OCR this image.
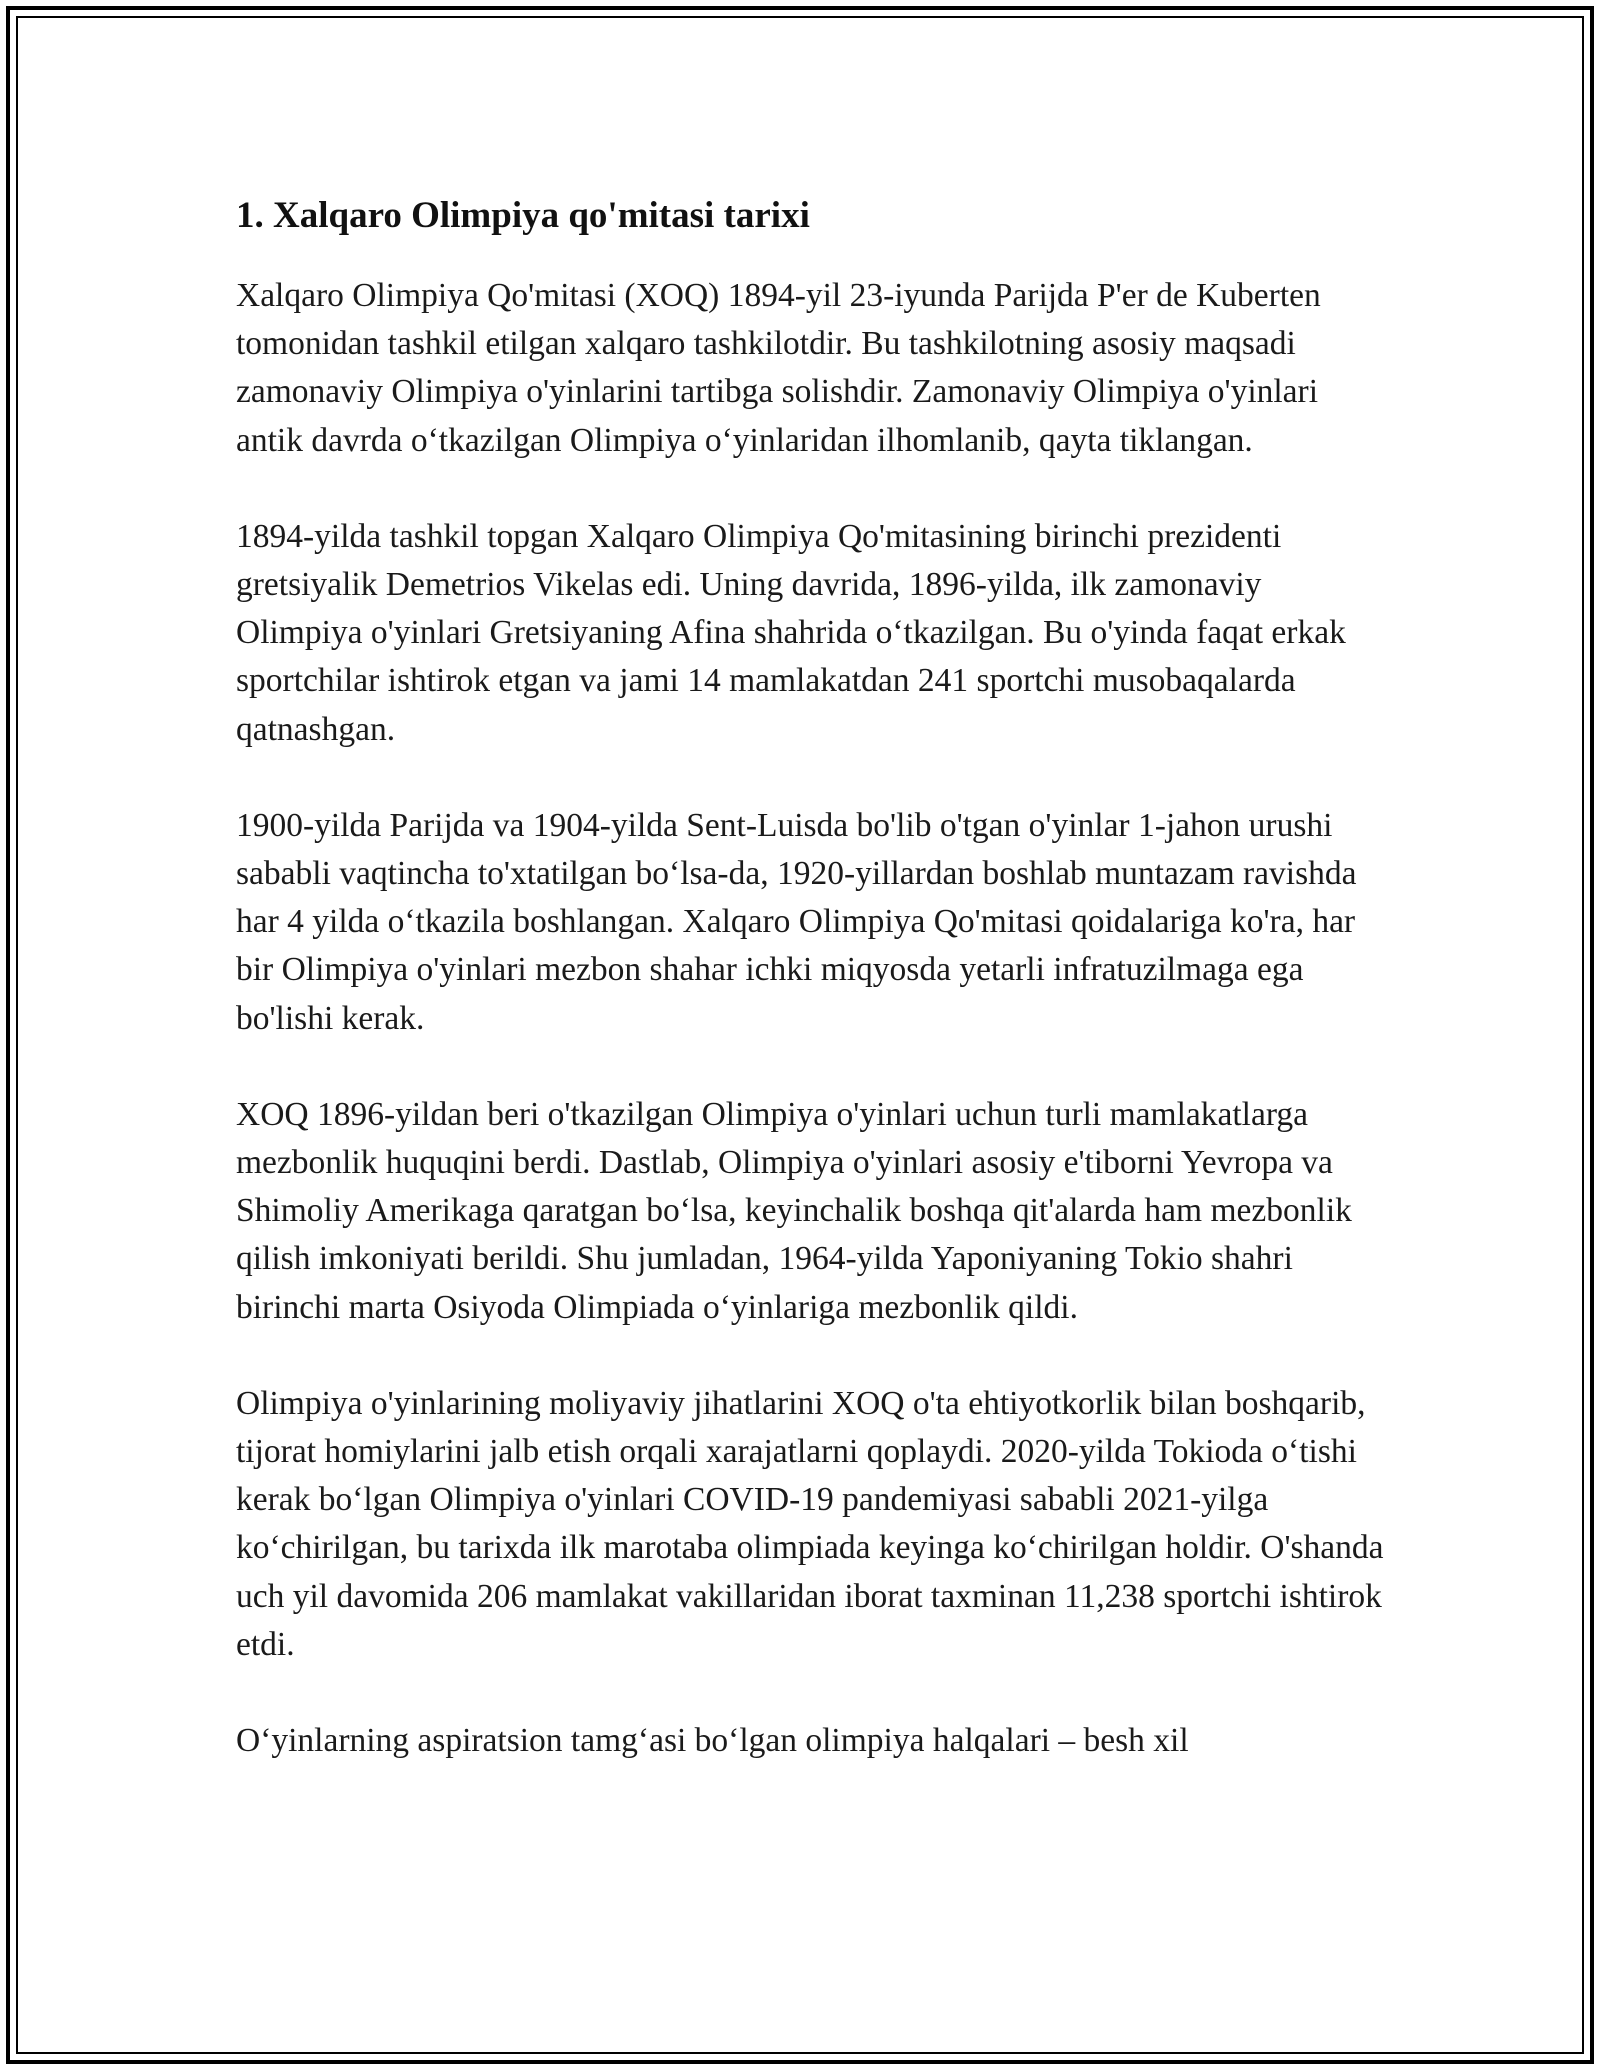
1. Xalqaro Olimpiya qo'mitasi tarixi

Xalqaro Olimpiya Qo'mitasi (XOQ) 1894-yil 23-iyunda Parijda P'er de Kuberten tomonidan tashkil etilgan xalqaro tashkilotdir. Bu tashkilotning asosiy maqsadi zamonaviy Olimpiya o'yinlarini tartibga solishdir. Zamonaviy Olimpiya o'yinlari antik davrda o‘tkazilgan Olimpiya o‘yinlaridan ilhomlanib, qayta tiklangan.

1894-yilda tashkil topgan Xalqaro Olimpiya Qo'mitasining birinchi prezidenti gretsiyalik Demetrios Vikelas edi. Uning davrida, 1896-yilda, ilk zamonaviy Olimpiya o'yinlari Gretsiyaning Afina shahrida o‘tkazilgan. Bu o'yinda faqat erkak sportchilar ishtirok etgan va jami 14 mamlakatdan 241 sportchi musobaqalarda qatnashgan.

1900-yilda Parijda va 1904-yilda Sent-Luisda bo'lib o'tgan o'yinlar 1-jahon urushi sababli vaqtincha to'xtatilgan bo‘lsa-da, 1920-yillardan boshlab muntazam ravishda har 4 yilda o‘tkazila boshlangan. Xalqaro Olimpiya Qo'mitasi qoidalariga ko'ra, har bir Olimpiya o'yinlari mezbon shahar ichki miqyosda yetarli infratuzilmaga ega bo'lishi kerak.

XOQ 1896-yildan beri o'tkazilgan Olimpiya o'yinlari uchun turli mamlakatlarga mezbonlik huquqini berdi. Dastlab, Olimpiya o'yinlari asosiy e'tiborni Yevropa va Shimoliy Amerikaga qaratgan bo‘lsa, keyinchalik boshqa qit'alarda ham mezbonlik qilish imkoniyati berildi. Shu jumladan, 1964-yilda Yaponiyaning Tokio shahri birinchi marta Osiyoda Olimpiada o‘yinlariga mezbonlik qildi.

Olimpiya o'yinlarining moliyaviy jihatlarini XOQ o'ta ehtiyotkorlik bilan boshqarib, tijorat homiylarini jalb etish orqali xarajatlarni qoplaydi. 2020-yilda Tokioda o‘tishi kerak bo‘lgan Olimpiya o'yinlari COVID-19 pandemiyasi sababli 2021-yilga ko‘chirilgan, bu tarixda ilk marotaba olimpiada keyinga ko‘chirilgan holdir. O'shanda uch yil davomida 206 mamlakat vakillaridan iborat taxminan 11,238 sportchi ishtirok etdi.

O‘yinlarning aspiratsion tamg‘asi bo‘lgan olimpiya halqalari – besh xil
